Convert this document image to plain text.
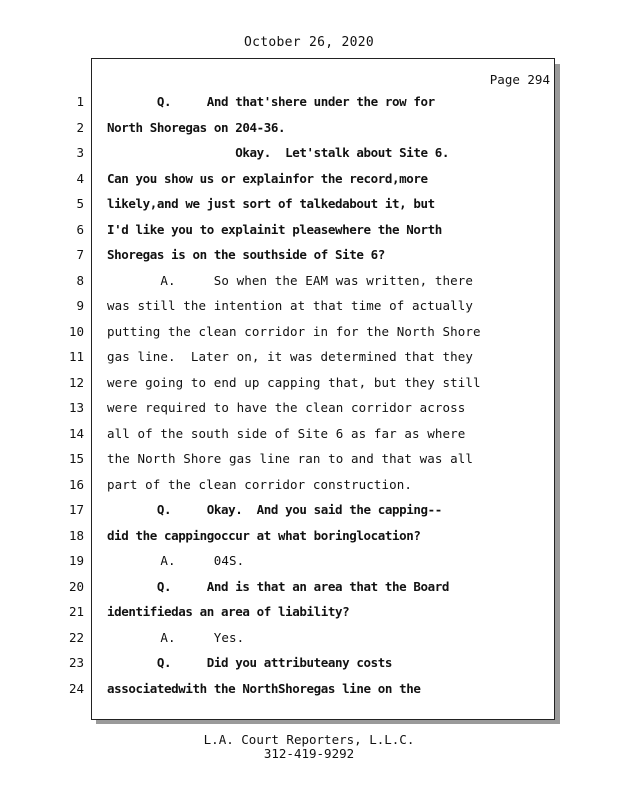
October 26, 2020
Page 294
1 Q.     And that'shere under the row for
2 North Shoregas on 204-36.
3 Okay.  Let'stalk about Site 6.
4 Can you show us or explainfor the record,more
5 likely,and we just sort of talkedabout it, but
6 I'd like you to explainit pleasewhere the North
7 Shoregas is on the southside of Site 6?
8 A.     So when the EAM was written, there
9 was still the intention at that time of actually
10 putting the clean corridor in for the North Shore
11 gas line.  Later on, it was determined that they
12 were going to end up capping that, but they still
13 were required to have the clean corridor across
14 all of the south side of Site 6 as far as where
15 the North Shore gas line ran to and that was all
16 part of the clean corridor construction.
17 Q.     Okay.  And you said the capping--
18 did the cappingoccur at what boringlocation?
19 A.     04S.
20 Q.     And is that an area that the Board
21 identifiedas an area of liability?
22 A.     Yes.
23 Q.     Did you attributeany costs
24 associatedwith the NorthShoregas line on the
L.A. Court Reporters, L.L.C.
312-419-9292
